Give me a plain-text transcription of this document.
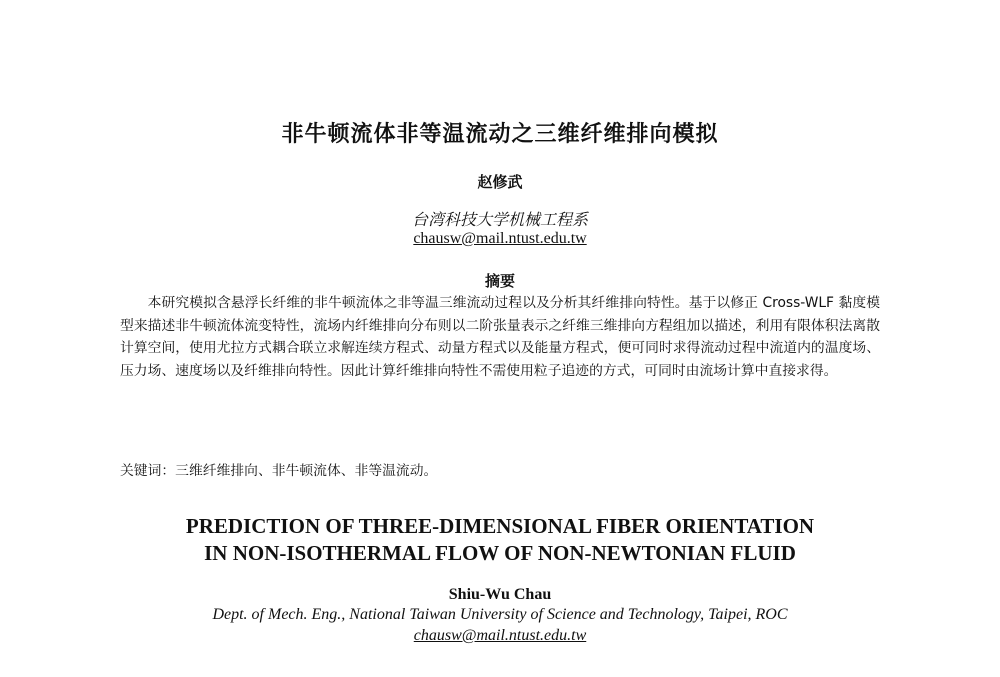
非牛顿流体非等温流动之三维纤维排向模拟
赵修武
台湾科技大学机械工程系
chausw@mail.ntust.edu.tw
摘要
本研究模拟含悬浮长纤维的非牛顿流体之非等温三维流动过程以及分析其纤维排向特性。基于以修正 Cross-WLF 黏度模型来描述非牛顿流体流变特性，流场内纤维排向分布则以二阶张量表示之纤维三维排向方程组加以描述，利用有限体积法离散计算空间，使用尤拉方式耦合联立求解连续方程式、动量方程式以及能量方程式，便可同时求得流动过程中流道内的温度场、压力场、速度场以及纤维排向特性。因此计算纤维排向特性不需使用粒子追迹的方式，可同时由流场计算中直接求得。
关键词：三维纤维排向、非牛顿流体、非等温流动。
PREDICTION OF THREE-DIMENSIONAL FIBER ORIENTATION
IN NON-ISOTHERMAL FLOW OF NON-NEWTONIAN FLUID
Shiu-Wu Chau
Dept. of Mech. Eng., National Taiwan University of Science and Technology, Taipei, ROC
chausw@mail.ntust.edu.tw
